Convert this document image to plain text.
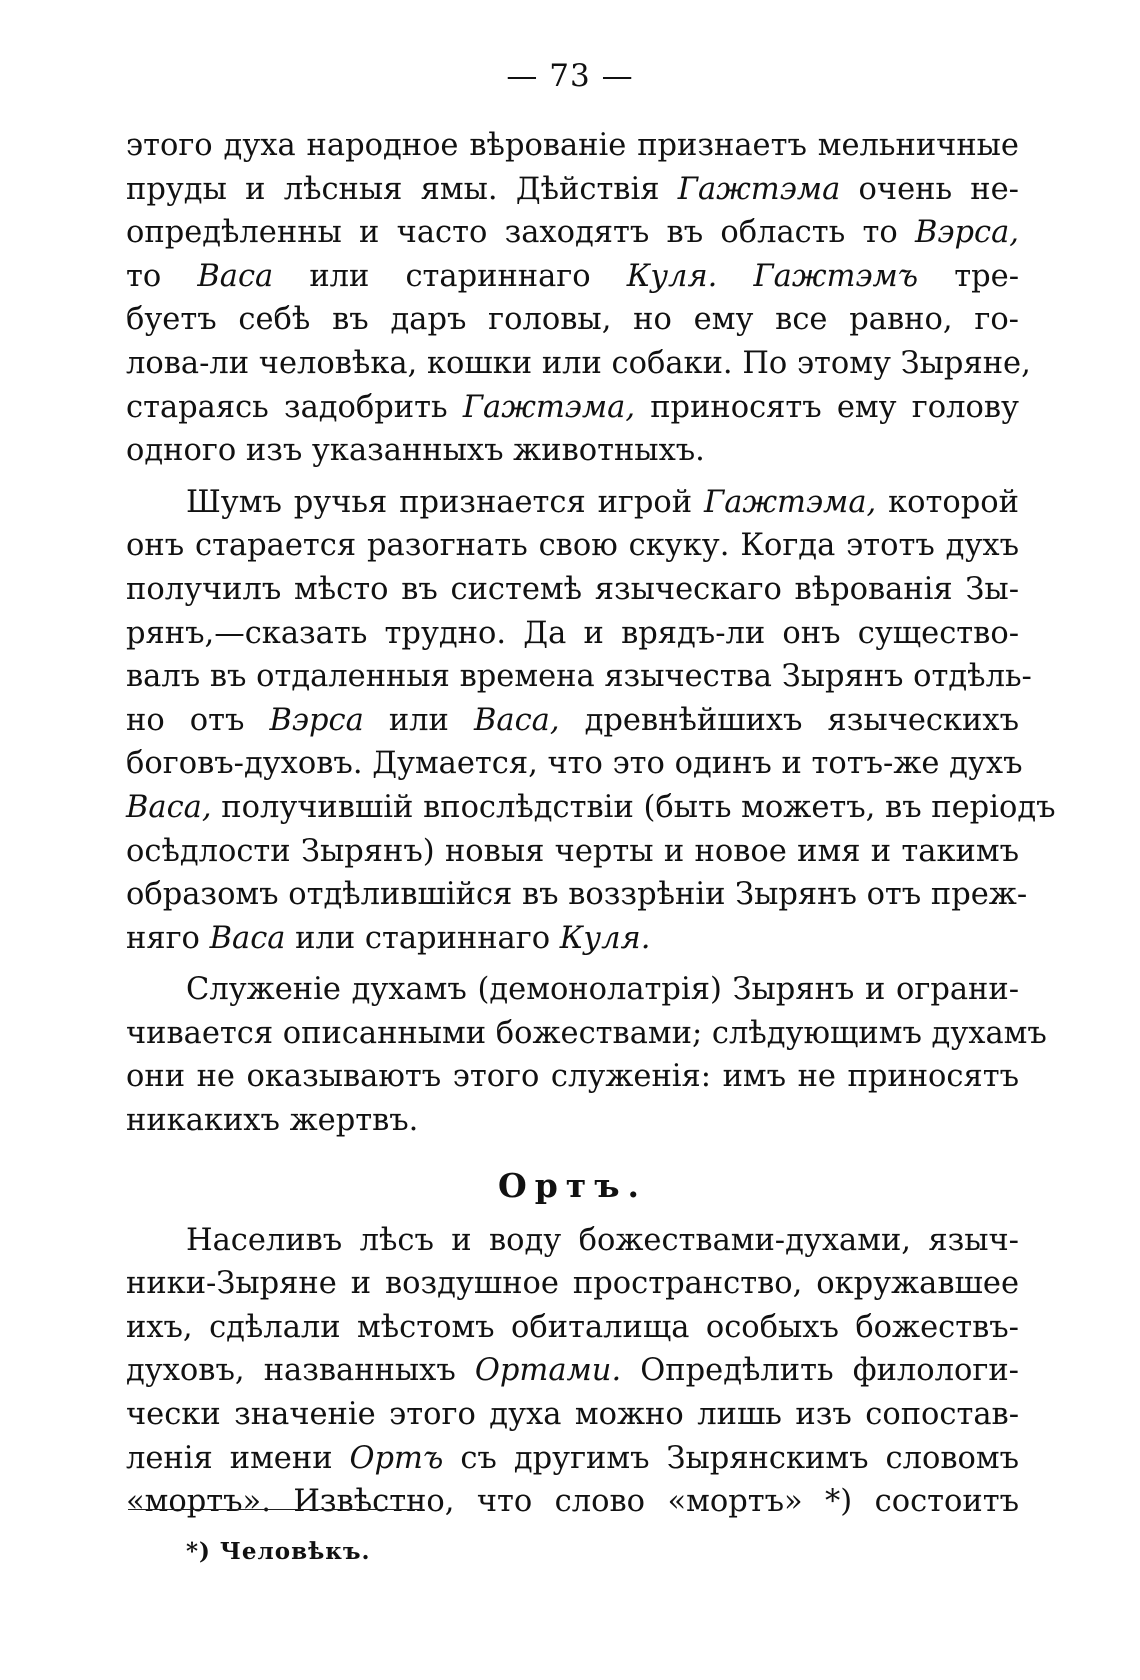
— 73 —
этого духа народное вѣрованіе признаетъ мельничные
пруды и лѣсныя ямы. Дѣйствія Гажтэма очень не-
опредѣленны и часто заходятъ въ область то Вэрса,
то Васа или стариннаго Куля. Гажтэмъ тре-
буетъ себѣ въ даръ головы, но ему все равно, го-
лова-ли человѣка, кошки или собаки. По этому Зыряне,
стараясь задобрить Гажтэма, приносятъ ему голову
одного изъ указанныхъ животныхъ.
Шумъ ручья признается игрой Гажтэма, которой
онъ старается разогнать свою скуку. Когда этотъ духъ
получилъ мѣсто въ системѣ языческаго вѣрованія Зы-
рянъ,—сказать трудно. Да и врядъ-ли онъ существо-
валъ въ отдаленныя времена язычества Зырянъ отдѣль-
но отъ Вэрса или Васа, древнѣйшихъ языческихъ
боговъ-духовъ. Думается, что это одинъ и тотъ-же духъ
Васа, получившій впослѣдствіи (быть можетъ, въ періодъ
осѣдлости Зырянъ) новыя черты и новое имя и такимъ
образомъ отдѣлившійся въ воззрѣніи Зырянъ отъ преж-
няго Васа или стариннаго Куля.
Служеніе духамъ (демонолатрія) Зырянъ и ограни-
чивается описанными божествами; слѣдующимъ духамъ
они не оказываютъ этого служенія: имъ не приносятъ
никакихъ жертвъ.
Ортъ.
Населивъ лѣсъ и воду божествами-духами, языч-
ники-Зыряне и воздушное пространство, окружавшее
ихъ, сдѣлали мѣстомъ обиталища особыхъ божествъ-
духовъ, названныхъ Ортами. Опредѣлить филологи-
чески значеніе этого духа можно лишь изъ сопостав-
ленія имени Ортъ съ другимъ Зырянскимъ словомъ
«мортъ». Извѣстно, что слово «мортъ» *) состоитъ
*) Человѣкъ.
